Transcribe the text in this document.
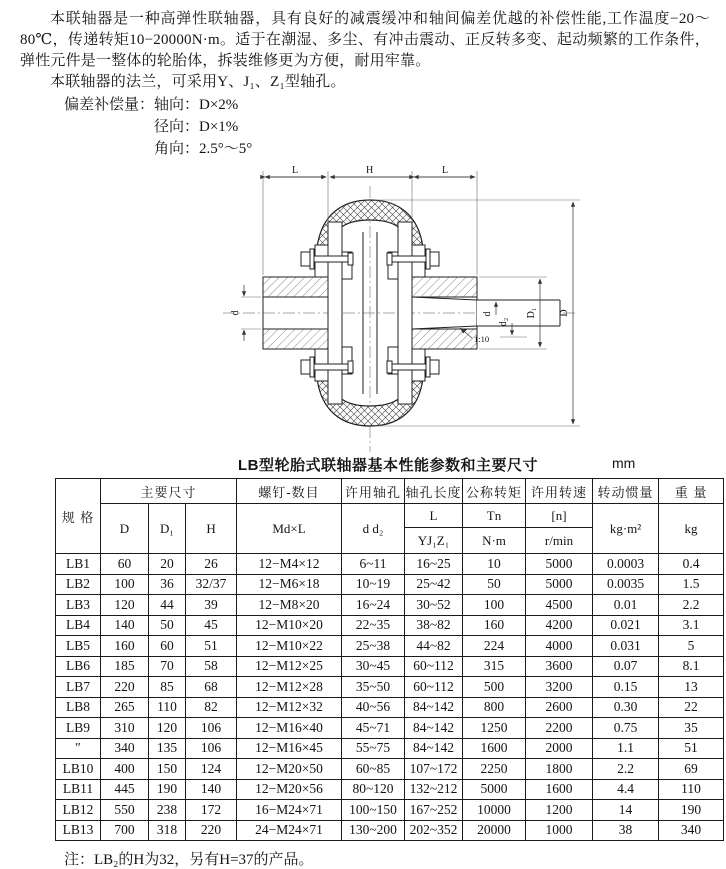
本联轴器是一种高弹性联轴器，具有良好的减震缓冲和轴间偏差优越的补偿性能,工作温度−20～80℃，传递转矩10−20000N·m。适于在潮湿、多尘、有冲击震动、正反转多变、起动频繁的工作条件，弹性元件是一整体的轮胎体，拆装维修更为方便，耐用牢靠。

本联轴器的法兰，可采用Y、J₁、Z₁型轴孔。

偏差补偿量：轴向：D×2%
径向：D×1%
角向：2.5°～5°
L	H	L
d	d
d₂
1:10
D₁ D
LB型轮胎式联轴器基本性能参数和主要尺寸	mm
规 格	主要尺寸			螺钉-数目	许用轴孔	轴孔长度	公称转矩	许用转速	转动惯量	重 量
	D	D₁	H	Md×L	d d₂	L	Tn	[n]	kg·m²	kg
						YJ₁Z₁	N·m	r/min		
LB1	60	20	26	12−M4×12	6~11	16~25	10	5000	0.0003	0.4
LB2	100	36	32/37	12−M6×18	10~19	25~42	50	5000	0.0035	1.5
LB3	120	44	39	12−M8×20	16~24	30~52	100	4500	0.01	2.2
LB4	140	50	45	12−M10×20	22~35	38~82	160	4200	0.021	3.1
LB5	160	60	51	12−M10×22	25~38	44~82	224	4000	0.031	5
LB6	185	70	58	12−M12×25	30~45	60~112	315	3600	0.07	8.1
LB7	220	85	68	12−M12×28	35~50	60~112	500	3200	0.15	13
LB8	265	110	82	12−M12×32	40~56	84~142	800	2600	0.30	22
LB9	310	120	106	12−M16×40	45~71	84~142	1250	2200	0.75	35
″	340	135	106	12−M16×45	55~75	84~142	1600	2000	1.1	51
LB10	400	150	124	12−M20×50	60~85	107~172	2250	1800	2.2	69
LB11	445	190	140	12−M20×56	80~120	132~212	5000	1600	4.4	110
LB12	550	238	172	16−M24×71	100~150	167~252	10000	1200	14	190
LB13	700	318	220	24−M24×71	130~200	202~352	20000	1000	38	340
注：LB₂的H为32，另有H=37的产品。
